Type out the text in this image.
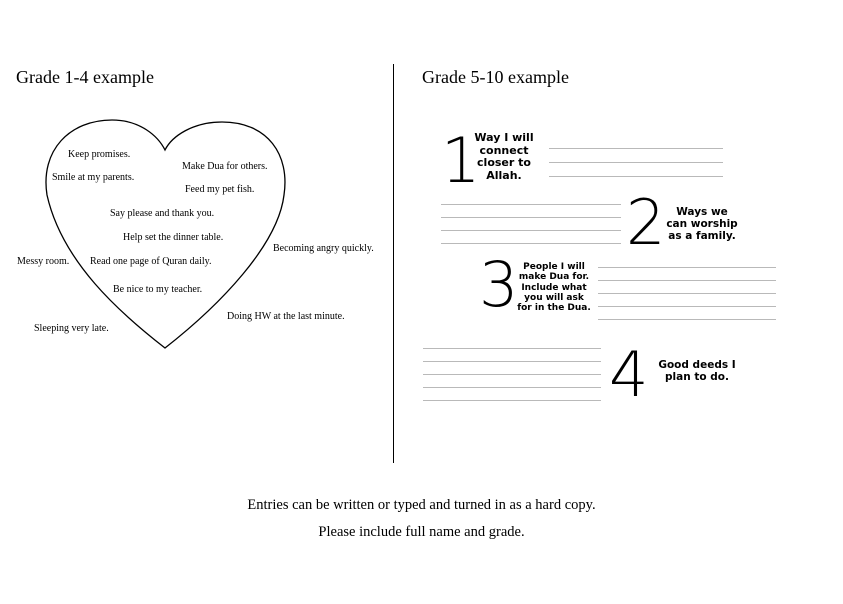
Grade 1-4 example
Keep promises.
Smile at my parents.
Make Dua for others.
Feed my pet fish.
Say please and thank you.
Help set the dinner table.
Read one page of Quran daily.
Be nice to my teacher.
Messy room.
Becoming angry quickly.
Doing HW at the last minute.
Sleeping very late.
Grade 5-10 example
1
Way I will
connect
closer to
Allah.
2	Ways we
can worship
as a family.
3 People I will
make Dua for.
Include what
you will ask
for in the Dua.
4 Good deeds I
plan to do.
Entries can be written or typed and turned in as a hard copy.
Please include full name and grade.
